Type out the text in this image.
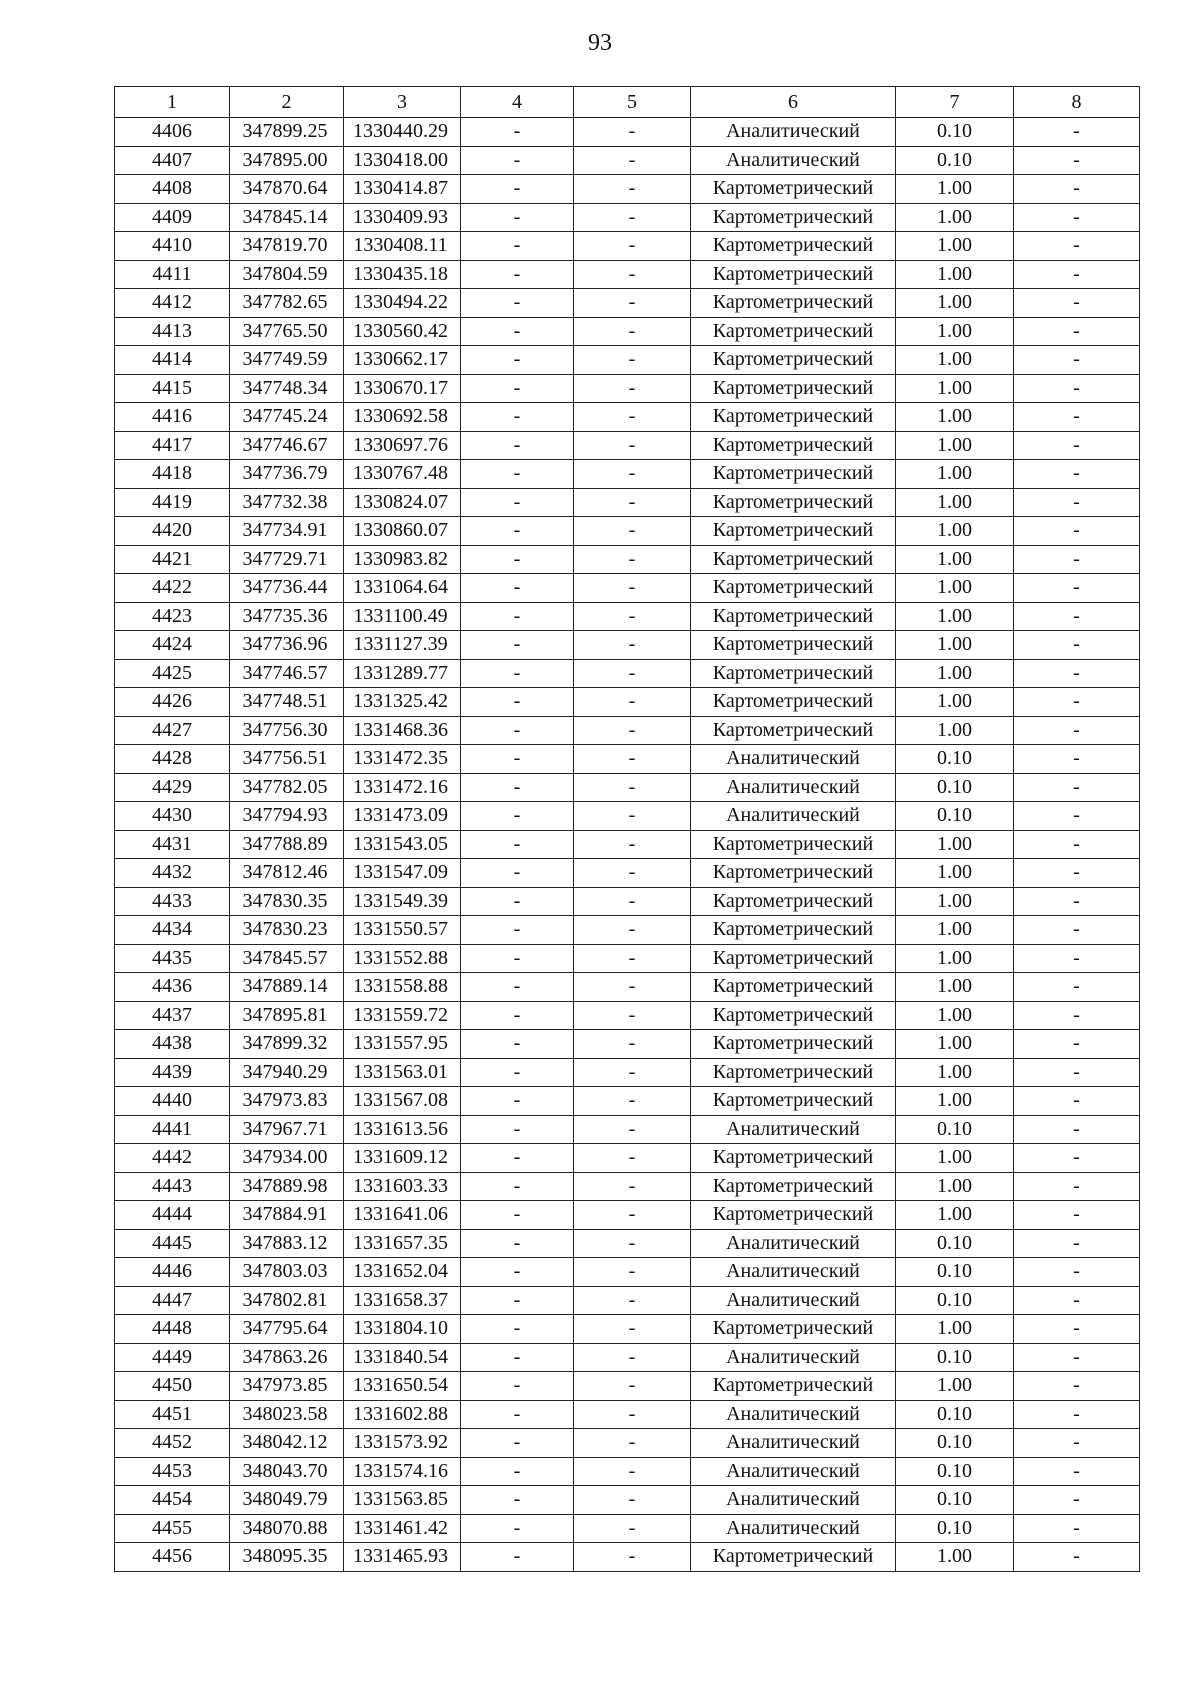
93
1	2	3	4	5	6	7	8
4406	347899.25	1330440.29	-	-	Аналитический	0.10	-
4407	347895.00	1330418.00	-	-	Аналитический	0.10	-
4408	347870.64	1330414.87	-	-	Картометрический	1.00	-
4409	347845.14	1330409.93	-	-	Картометрический	1.00	-
4410	347819.70	1330408.11	-	-	Картометрический	1.00	-
4411	347804.59	1330435.18	-	-	Картометрический	1.00	-
4412	347782.65	1330494.22	-	-	Картометрический	1.00	-
4413	347765.50	1330560.42	-	-	Картометрический	1.00	-
4414	347749.59	1330662.17	-	-	Картометрический	1.00	-
4415	347748.34	1330670.17	-	-	Картометрический	1.00	-
4416	347745.24	1330692.58	-	-	Картометрический	1.00	-
4417	347746.67	1330697.76	-	-	Картометрический	1.00	-
4418	347736.79	1330767.48	-	-	Картометрический	1.00	-
4419	347732.38	1330824.07	-	-	Картометрический	1.00	-
4420	347734.91	1330860.07	-	-	Картометрический	1.00	-
4421	347729.71	1330983.82	-	-	Картометрический	1.00	-
4422	347736.44	1331064.64	-	-	Картометрический	1.00	-
4423	347735.36	1331100.49	-	-	Картометрический	1.00	-
4424	347736.96	1331127.39	-	-	Картометрический	1.00	-
4425	347746.57	1331289.77	-	-	Картометрический	1.00	-
4426	347748.51	1331325.42	-	-	Картометрический	1.00	-
4427	347756.30	1331468.36	-	-	Картометрический	1.00	-
4428	347756.51	1331472.35	-	-	Аналитический	0.10	-
4429	347782.05	1331472.16	-	-	Аналитический	0.10	-
4430	347794.93	1331473.09	-	-	Аналитический	0.10	-
4431	347788.89	1331543.05	-	-	Картометрический	1.00	-
4432	347812.46	1331547.09	-	-	Картометрический	1.00	-
4433	347830.35	1331549.39	-	-	Картометрический	1.00	-
4434	347830.23	1331550.57	-	-	Картометрический	1.00	-
4435	347845.57	1331552.88	-	-	Картометрический	1.00	-
4436	347889.14	1331558.88	-	-	Картометрический	1.00	-
4437	347895.81	1331559.72	-	-	Картометрический	1.00	-
4438	347899.32	1331557.95	-	-	Картометрический	1.00	-
4439	347940.29	1331563.01	-	-	Картометрический	1.00	-
4440	347973.83	1331567.08	-	-	Картометрический	1.00	-
4441	347967.71	1331613.56	-	-	Аналитический	0.10	-
4442	347934.00	1331609.12	-	-	Картометрический	1.00	-
4443	347889.98	1331603.33	-	-	Картометрический	1.00	-
4444	347884.91	1331641.06	-	-	Картометрический	1.00	-
4445	347883.12	1331657.35	-	-	Аналитический	0.10	-
4446	347803.03	1331652.04	-	-	Аналитический	0.10	-
4447	347802.81	1331658.37	-	-	Аналитический	0.10	-
4448	347795.64	1331804.10	-	-	Картометрический	1.00	-
4449	347863.26	1331840.54	-	-	Аналитический	0.10	-
4450	347973.85	1331650.54	-	-	Картометрический	1.00	-
4451	348023.58	1331602.88	-	-	Аналитический	0.10	-
4452	348042.12	1331573.92	-	-	Аналитический	0.10	-
4453	348043.70	1331574.16	-	-	Аналитический	0.10	-
4454	348049.79	1331563.85	-	-	Аналитический	0.10	-
4455	348070.88	1331461.42	-	-	Аналитический	0.10	-
4456	348095.35	1331465.93	-	-	Картометрический	1.00	-
